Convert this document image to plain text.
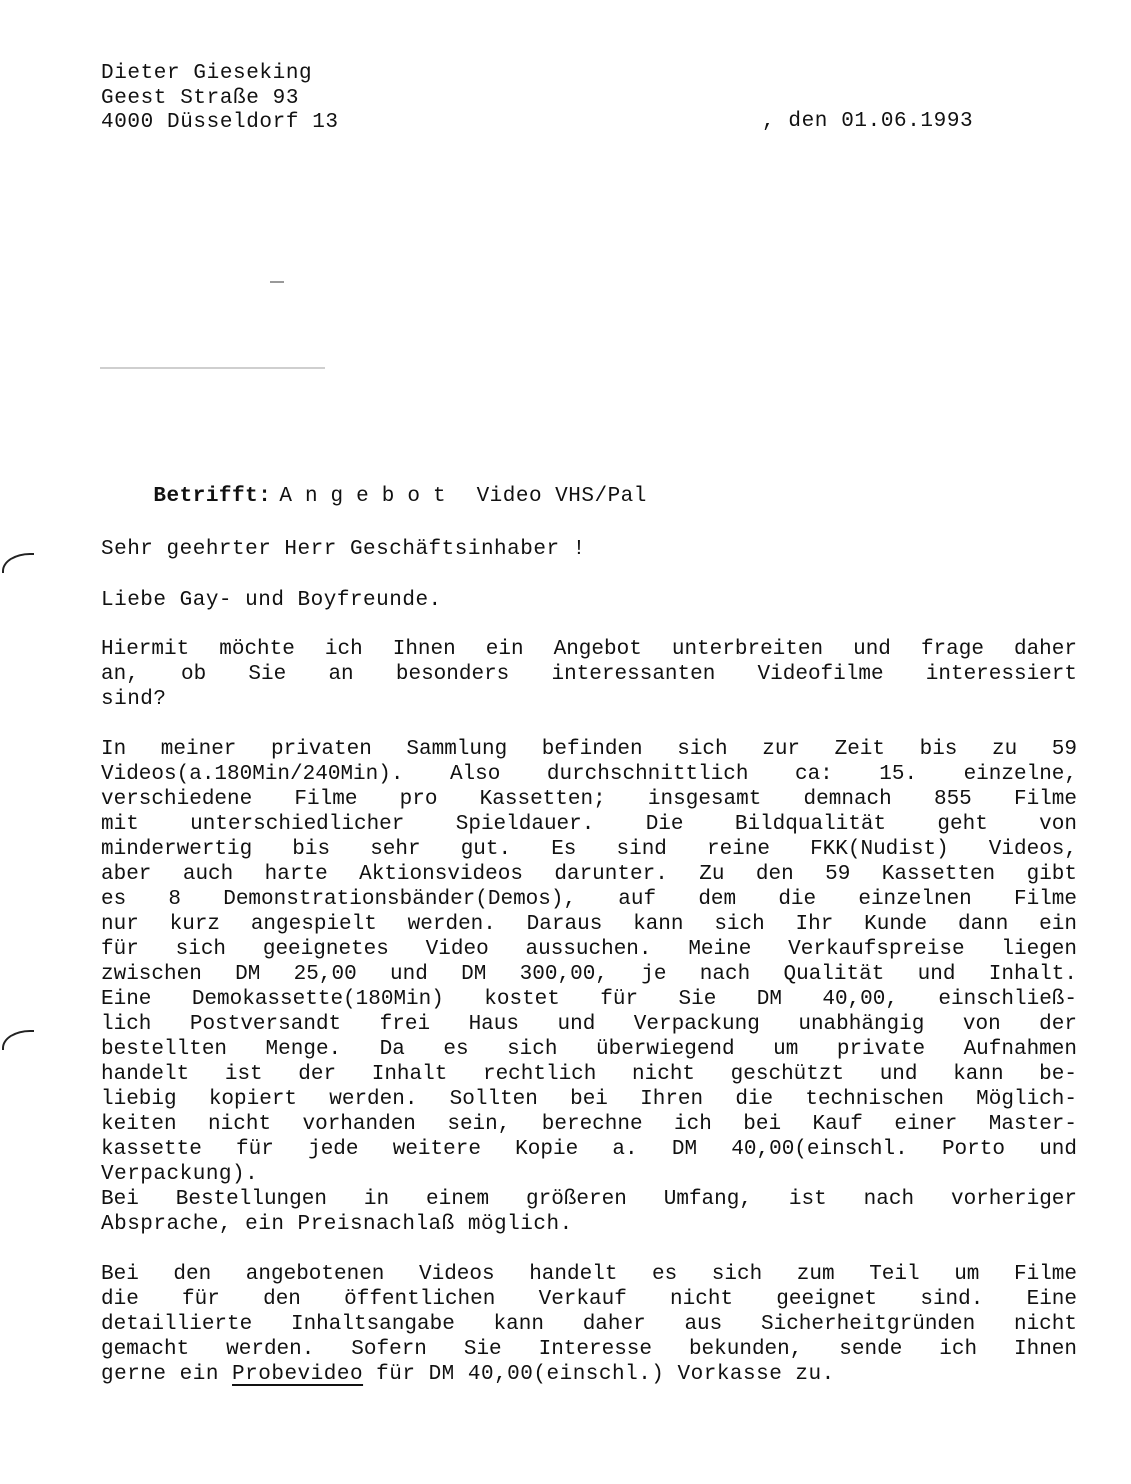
Dieter Gieseking
Geest Straße 93
4000 Düsseldorf 13	, den 01.06.1993

Betrifft: Angebot Video VHS/Pal

Sehr geehrter Herr Geschäftsinhaber !
Liebe Gay- und Boyfreunde.
Hiermit möchte ich Ihnen ein Angebot unterbreiten und frage daher
an, ob Sie an besonders interessanten Videofilme interessiert
sind?
In meiner privaten Sammlung befinden sich zur Zeit bis zu 59
Videos(a.180Min/240Min). Also durchschnittlich ca: 15. einzelne,
verschiedene Filme pro Kassetten; insgesamt demnach 855 Filme
mit unterschiedlicher Spieldauer. Die Bildqualität geht von
minderwertig bis sehr gut. Es sind reine FKK(Nudist) Videos,
aber auch harte Aktionsvideos darunter. Zu den 59 Kassetten gibt
es 8 Demonstrationsbänder(Demos), auf dem die einzelnen Filme
nur kurz angespielt werden. Daraus kann sich Ihr Kunde dann ein
für sich geeignetes Video aussuchen. Meine Verkaufspreise liegen
zwischen DM 25,00 und DM 300,00, je nach Qualität und Inhalt.
Eine Demokassette(180Min) kostet für Sie DM 40,00, einschließ-
lich Postversandt frei Haus und Verpackung unabhängig von der
bestellten Menge. Da es sich überwiegend um private Aufnahmen
handelt ist der Inhalt rechtlich nicht geschützt und kann be-
liebig kopiert werden. Sollten bei Ihren die technischen Möglich-
keiten nicht vorhanden sein, berechne ich bei Kauf einer Master-
kassette für jede weitere Kopie a. DM 40,00(einschl. Porto und
Verpackung).
Bei Bestellungen in einem größeren Umfang, ist nach vorheriger
Absprache, ein Preisnachlaß möglich.
Bei den angebotenen Videos handelt es sich zum Teil um Filme
die für den öffentlichen Verkauf nicht geeignet sind. Eine
detaillierte Inhaltsangabe kann daher aus Sicherheitgründen nicht
gemacht werden. Sofern Sie Interesse bekunden, sende ich Ihnen
gerne ein Probevideo für DM 40,00(einschl.) Vorkasse zu.
